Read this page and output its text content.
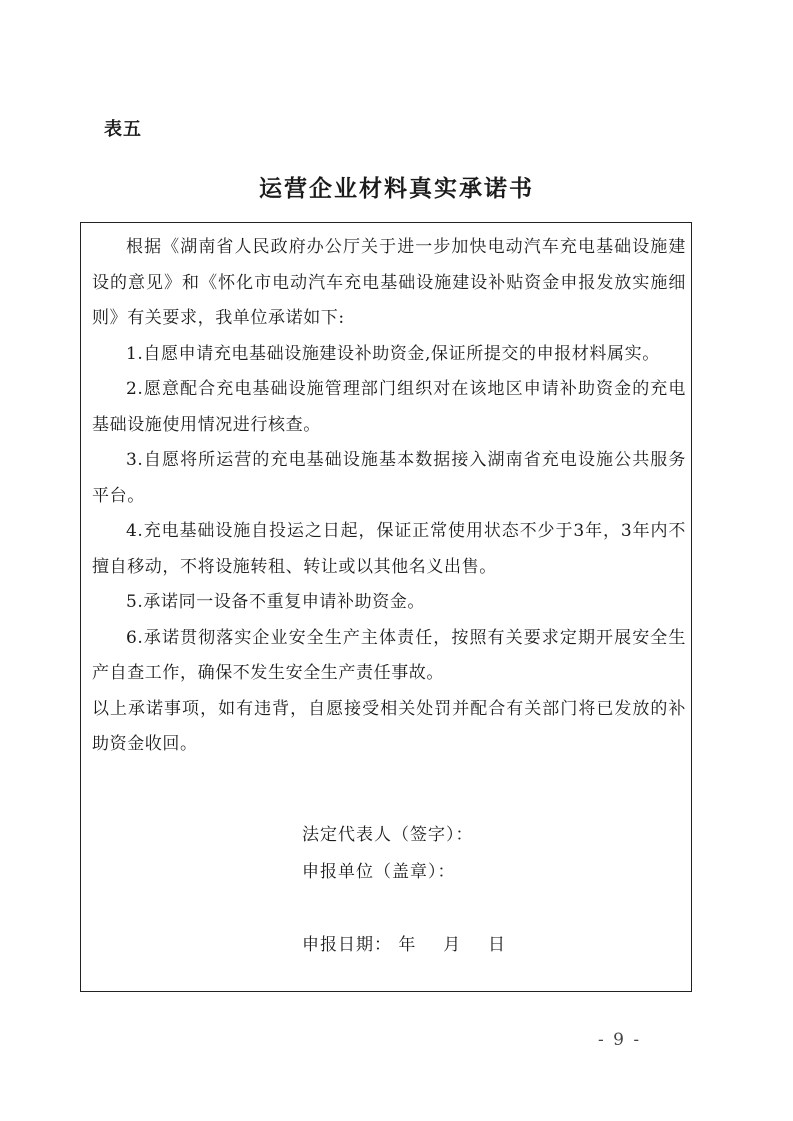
表五
运营企业材料真实承诺书

根据《湖南省人民政府办公厅关于进一步加快电动汽车充电基础设施建设的意见》和《怀化市电动汽车充电基础设施建设补贴资金申报发放实施细则》有关要求，我单位承诺如下:

1.自愿申请充电基础设施建设补助资金,保证所提交的申报材料属实。

2.愿意配合充电基础设施管理部门组织对在该地区申请补助资金的充电基础设施使用情况进行核查。

3.自愿将所运营的充电基础设施基本数据接入湖南省充电设施公共服务平台。

4.充电基础设施自投运之日起，保证正常使用状态不少于3年，3年内不擅自移动，不将设施转租、转让或以其他名义出售。

5.承诺同一设备不重复申请补助资金。

6.承诺贯彻落实企业安全生产主体责任，按照有关要求定期开展安全生产自查工作，确保不发生安全生产责任事故。

以上承诺事项，如有违背，自愿接受相关处罚并配合有关部门将已发放的补助资金收回。

法定代表人（签字）：
申报单位（盖章）：
申报日期： 年 月 日
- 9 -
